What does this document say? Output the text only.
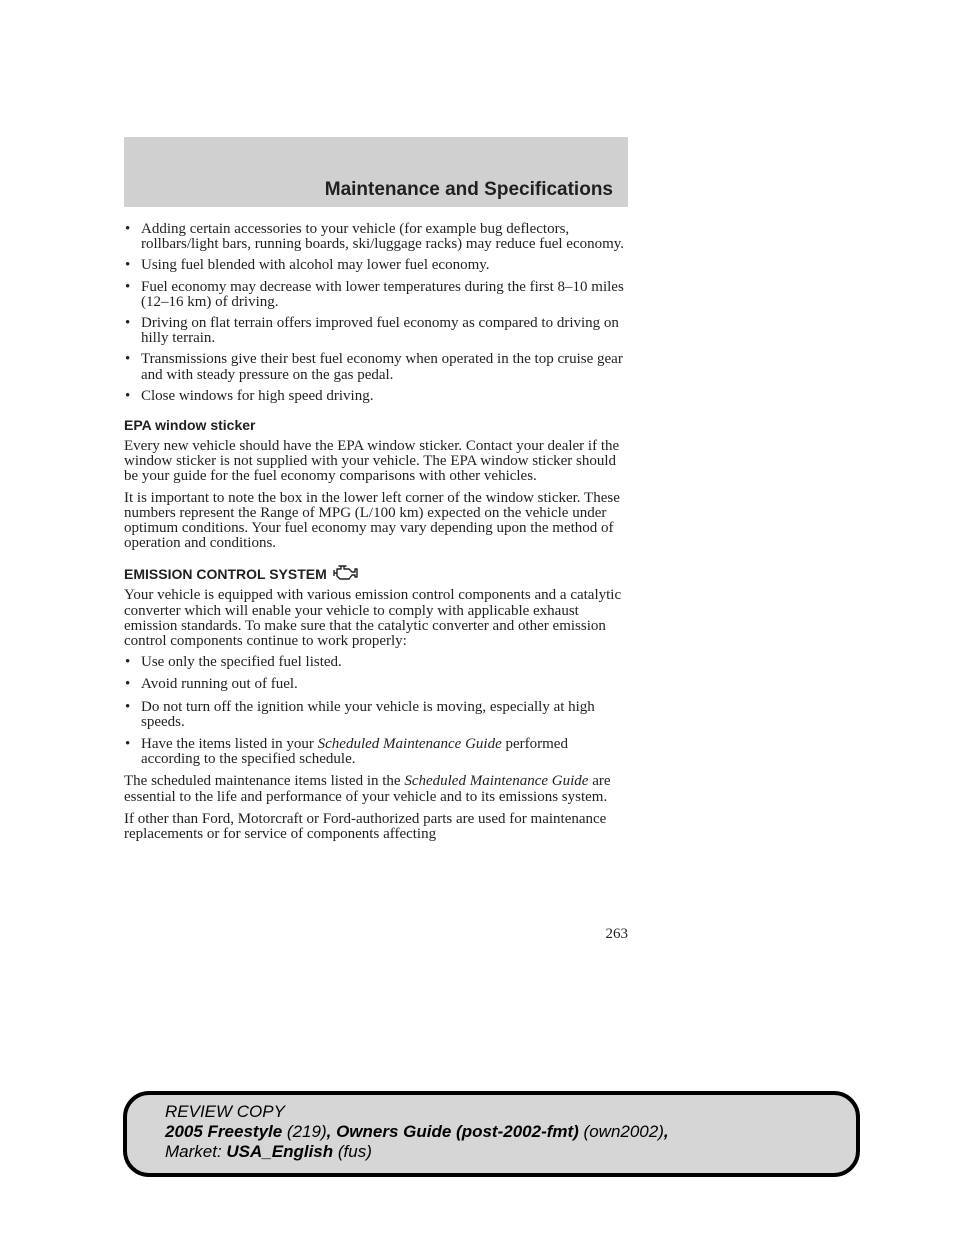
Maintenance and Specifications
• Adding certain accessories to your vehicle (for example bug deflectors, rollbars/light bars, running boards, ski/luggage racks) may reduce fuel economy.
• Using fuel blended with alcohol may lower fuel economy.
• Fuel economy may decrease with lower temperatures during the first 8–10 miles (12–16 km) of driving.
• Driving on flat terrain offers improved fuel economy as compared to driving on hilly terrain.
• Transmissions give their best fuel economy when operated in the top cruise gear and with steady pressure on the gas pedal.
• Close windows for high speed driving.
EPA window sticker

Every new vehicle should have the EPA window sticker. Contact your dealer if the window sticker is not supplied with your vehicle. The EPA window sticker should be your guide for the fuel economy comparisons with other vehicles.

It is important to note the box in the lower left corner of the window sticker. These numbers represent the Range of MPG (L/100 km) expected on the vehicle under optimum conditions. Your fuel economy may vary depending upon the method of operation and conditions.

EMISSION CONTROL SYSTEM

Your vehicle is equipped with various emission control components and a catalytic converter which will enable your vehicle to comply with applicable exhaust emission standards. To make sure that the catalytic converter and other emission control components continue to work properly:

• Use only the specified fuel listed.
• Avoid running out of fuel.
• Do not turn off the ignition while your vehicle is moving, especially at high speeds.
• Have the items listed in your Scheduled Maintenance Guide performed according to the specified schedule.

The scheduled maintenance items listed in the Scheduled Maintenance Guide are essential to the life and performance of your vehicle and to its emissions system.

If other than Ford, Motorcraft or Ford-authorized parts are used for maintenance replacements or for service of components affecting

263
REVIEW COPY
2005 Freestyle (219), Owners Guide (post-2002-fmt) (own2002),
Market: USA_English (fus)
